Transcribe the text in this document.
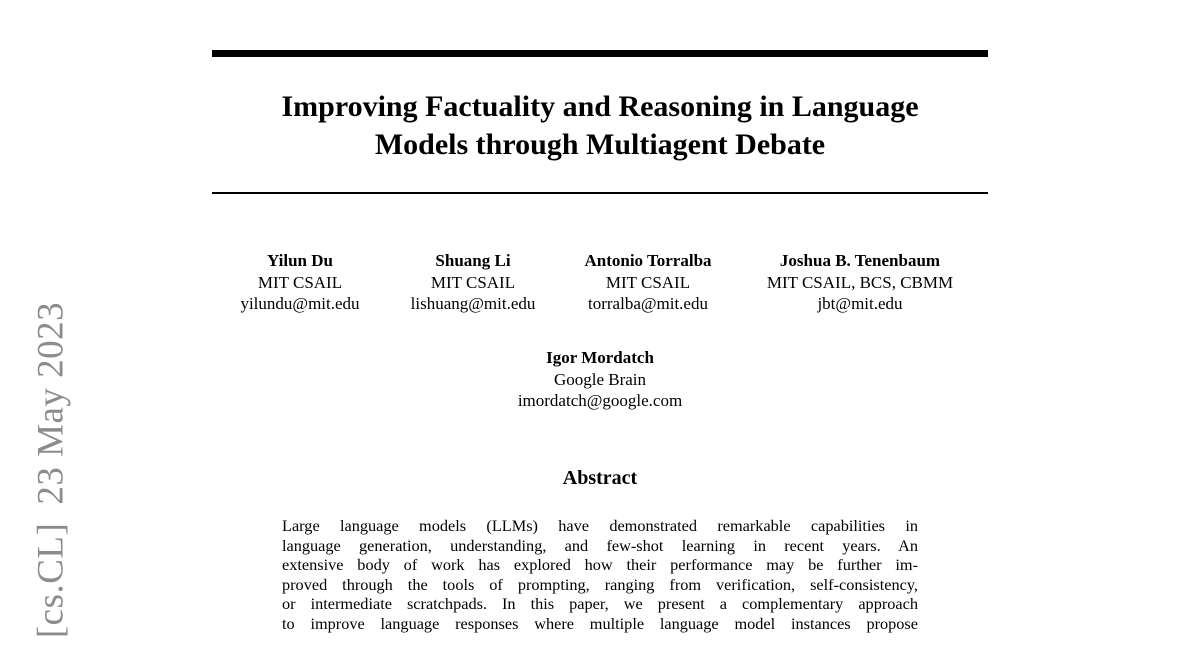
[cs.CL]23 May 2023
Improving Factuality and Reasoning in Language
Models through Multiagent Debate
Yilun Du
MIT CSAIL
yilundu@mit.edu
Shuang Li
MIT CSAIL
lishuang@mit.edu
Antonio Torralba
MIT CSAIL
torralba@mit.edu
Joshua B. Tenenbaum
MIT CSAIL, BCS, CBMM
jbt@mit.edu
Igor Mordatch
Google Brain
imordatch@google.com
Abstract
Large language models (LLMs) have demonstrated remarkable capabilities in
language generation, understanding, and few-shot learning in recent years. An
extensive body of work has explored how their performance may be further im-
proved through the tools of prompting, ranging from verification, self-consistency,
or intermediate scratchpads. In this paper, we present a complementary approach
to improve language responses where multiple language model instances propose
